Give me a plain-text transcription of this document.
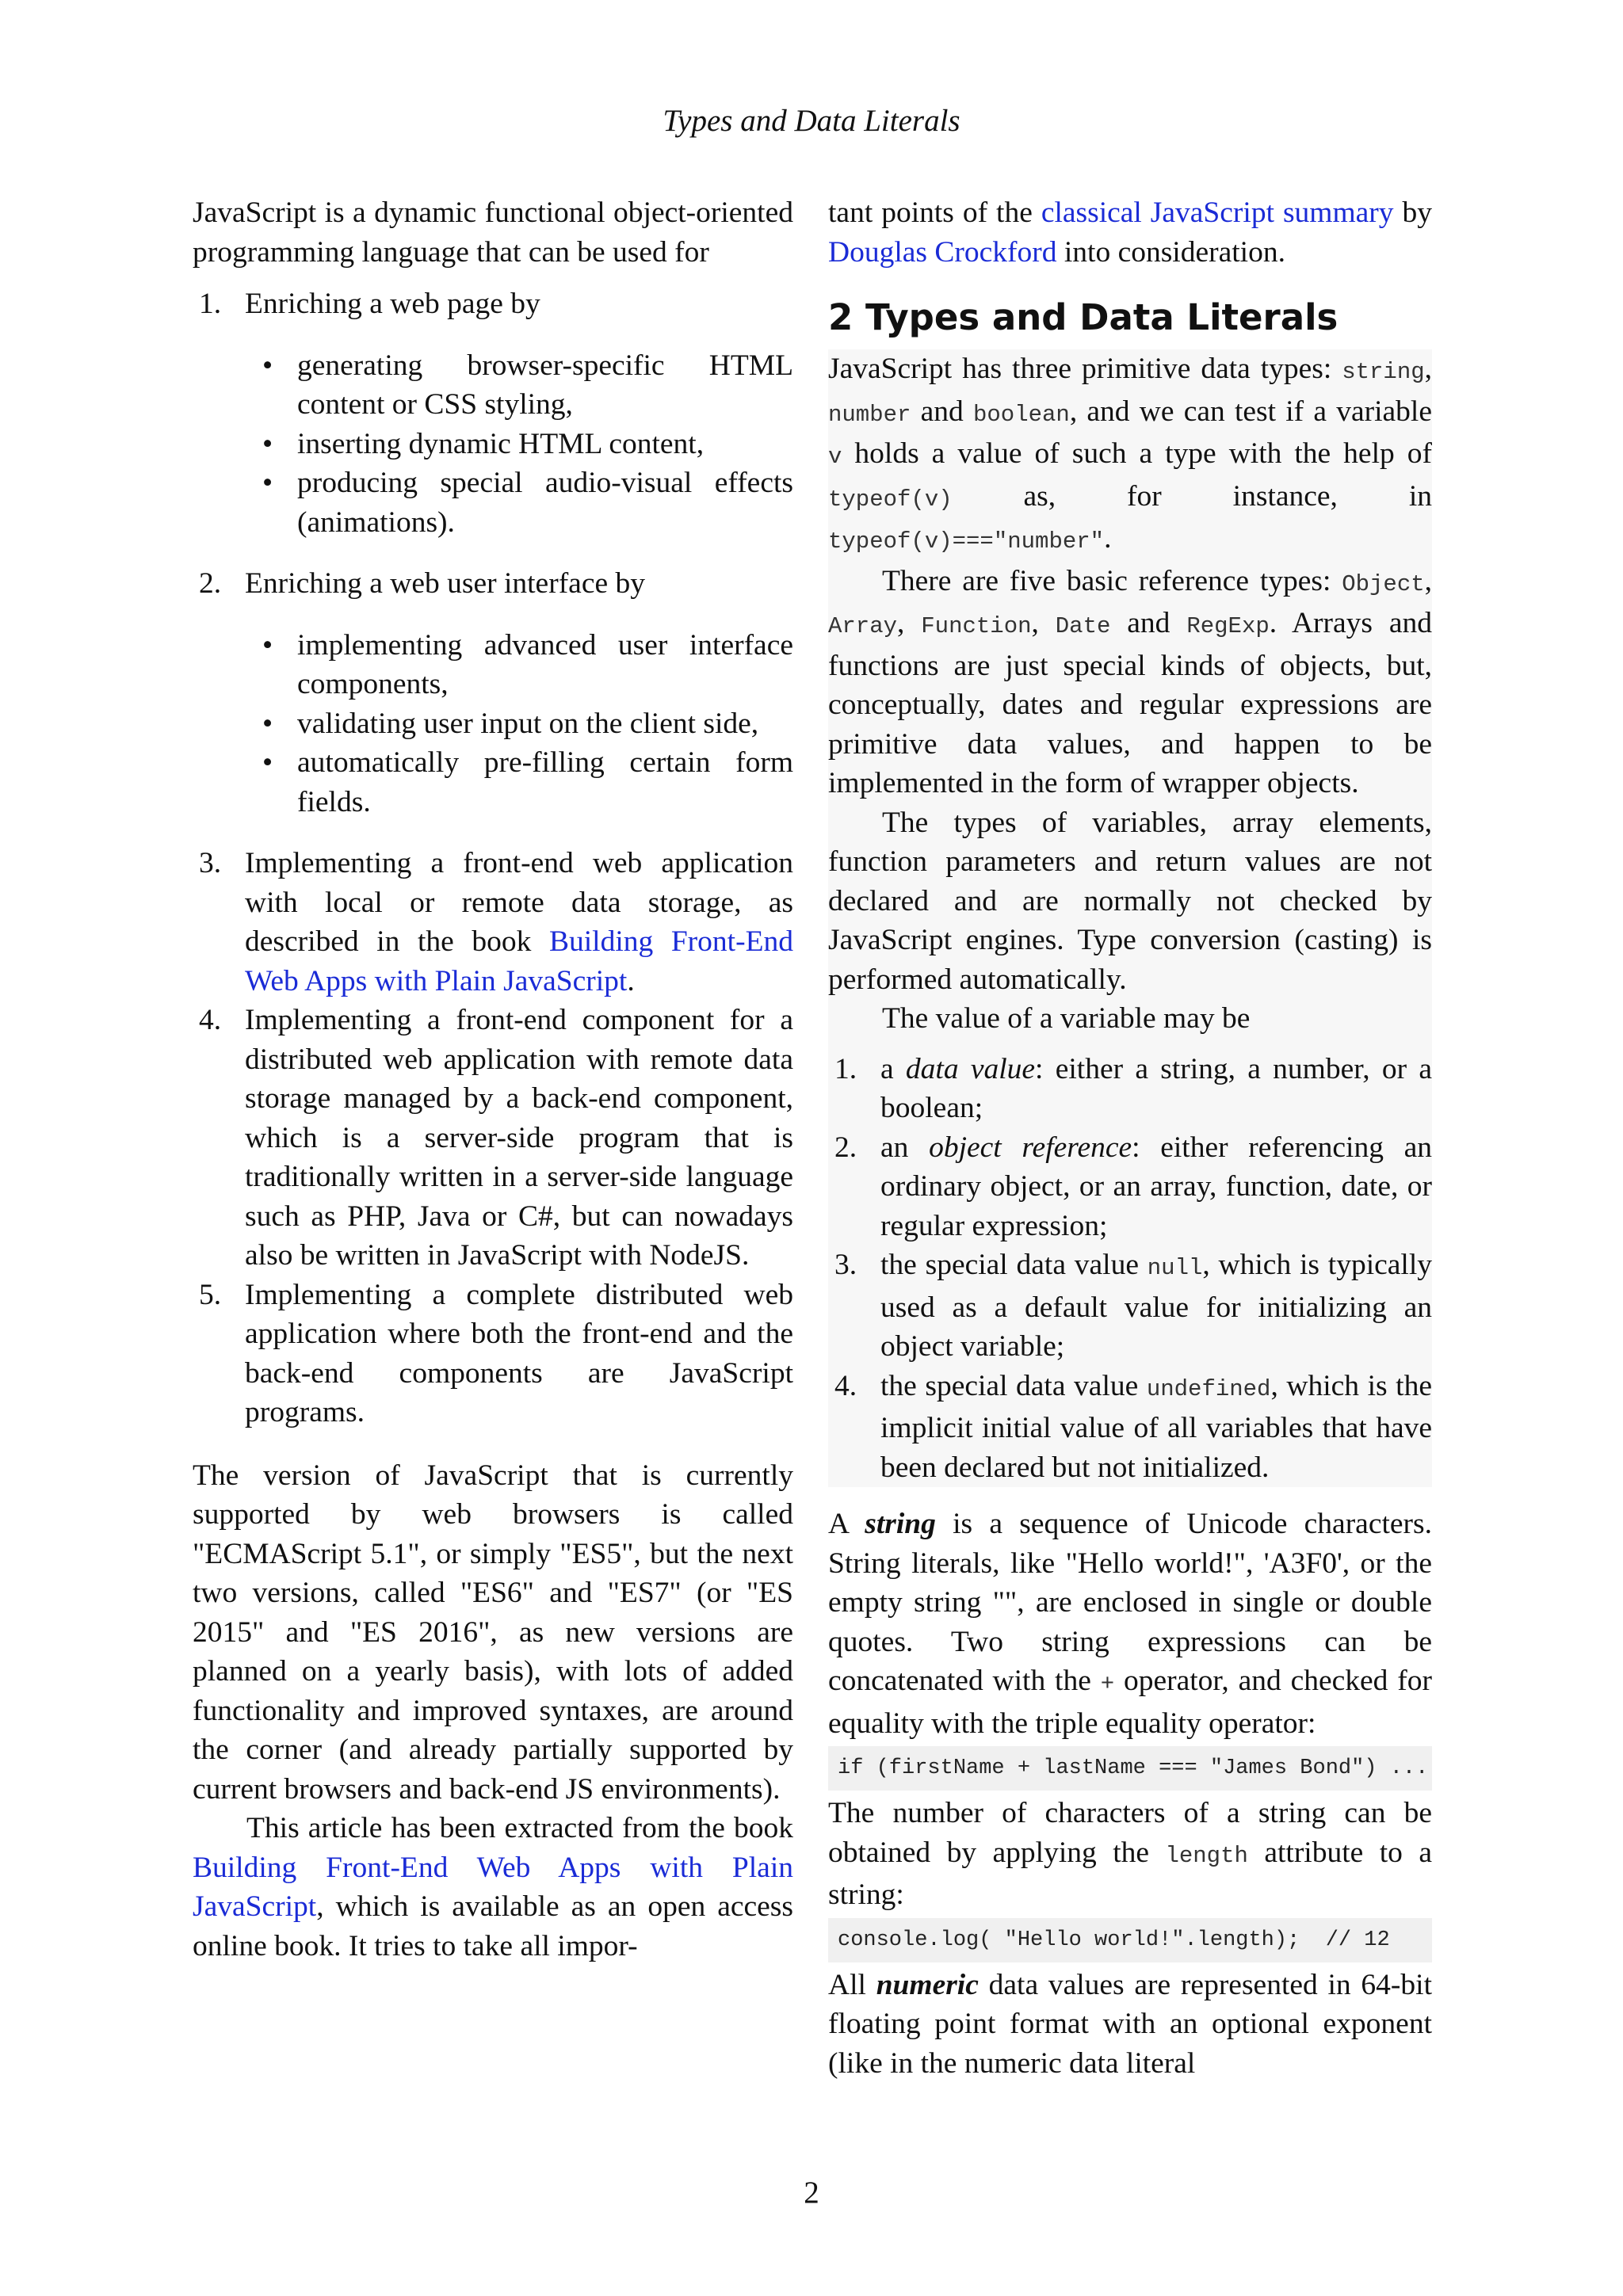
Types and Data Literals

JavaScript is a dynamic functional object-oriented programming language that can be used for

1. Enriching a web page by
• generating browser-specific HTML content or CSS styling,
• inserting dynamic HTML content,
• producing special audio-visual effects (animations).
2. Enriching a web user interface by
• implementing advanced user interface components,
• validating user input on the client side,
• automatically pre-filling certain form fields.
3. Implementing a front-end web application with local or remote data storage, as described in the book Building Front-End Web Apps with Plain JavaScript.

4. Implementing a front-end component for a distributed web application with remote data storage managed by a back-end component, which is a server-side program that is traditionally written in a server-side language such as PHP, Java or C#, but can nowadays also be written in JavaScript with NodeJS.

5. Implementing a complete distributed web application where both the front-end and the back-end components are JavaScript programs.

The version of JavaScript that is currently supported by web browsers is called "ECMAScript 5.1", or simply "ES5", but the next two versions, called "ES6" and "ES7" (or "ES 2015" and "ES 2016", as new versions are planned on a yearly basis), with lots of added functionality and improved syntaxes, are around the corner (and already partially supported by current browsers and back-end JS environments).

This article has been extracted from the book Building Front-End Web Apps with Plain JavaScript, which is available as an open access online book. It tries to take all impor-

tant points of the classical JavaScript summary by Douglas Crockford into consideration.

2 Types and Data Literals

JavaScript has three primitive data types: string, number and boolean, and we can test if a variable v holds a value of such a type with the help of typeof(v) as, for instance, in typeof(v)==="number".

There are five basic reference types: Object, Array, Function, Date and RegExp. Arrays and functions are just special kinds of objects, but, conceptually, dates and regular expressions are primitive data values, and happen to be implemented in the form of wrapper objects.

The types of variables, array elements, function parameters and return values are not declared and are normally not checked by JavaScript engines. Type conversion (casting) is performed automatically.

The value of a variable may be

1. a data value: either a string, a number, or a boolean;
2. an object reference: either referencing an ordinary object, or an array, function, date, or regular expression;
3. the special data value null, which is typically used as a default value for initializing an object variable;
4. the special data value undefined, which is the implicit initial value of all variables that have been declared but not initialized.

A string is a sequence of Unicode characters. String literals, like "Hello world!", 'A3F0', or the empty string "", are enclosed in single or double quotes. Two string expressions can be concatenated with the + operator, and checked for equality with the triple equality operator:

if (firstName + lastName === "James Bond") ...

The number of characters of a string can be obtained by applying the length attribute to a string:

console.log( "Hello world!".length);  // 12

All numeric data values are represented in 64-bit floating point format with an optional exponent (like in the numeric data literal

2
